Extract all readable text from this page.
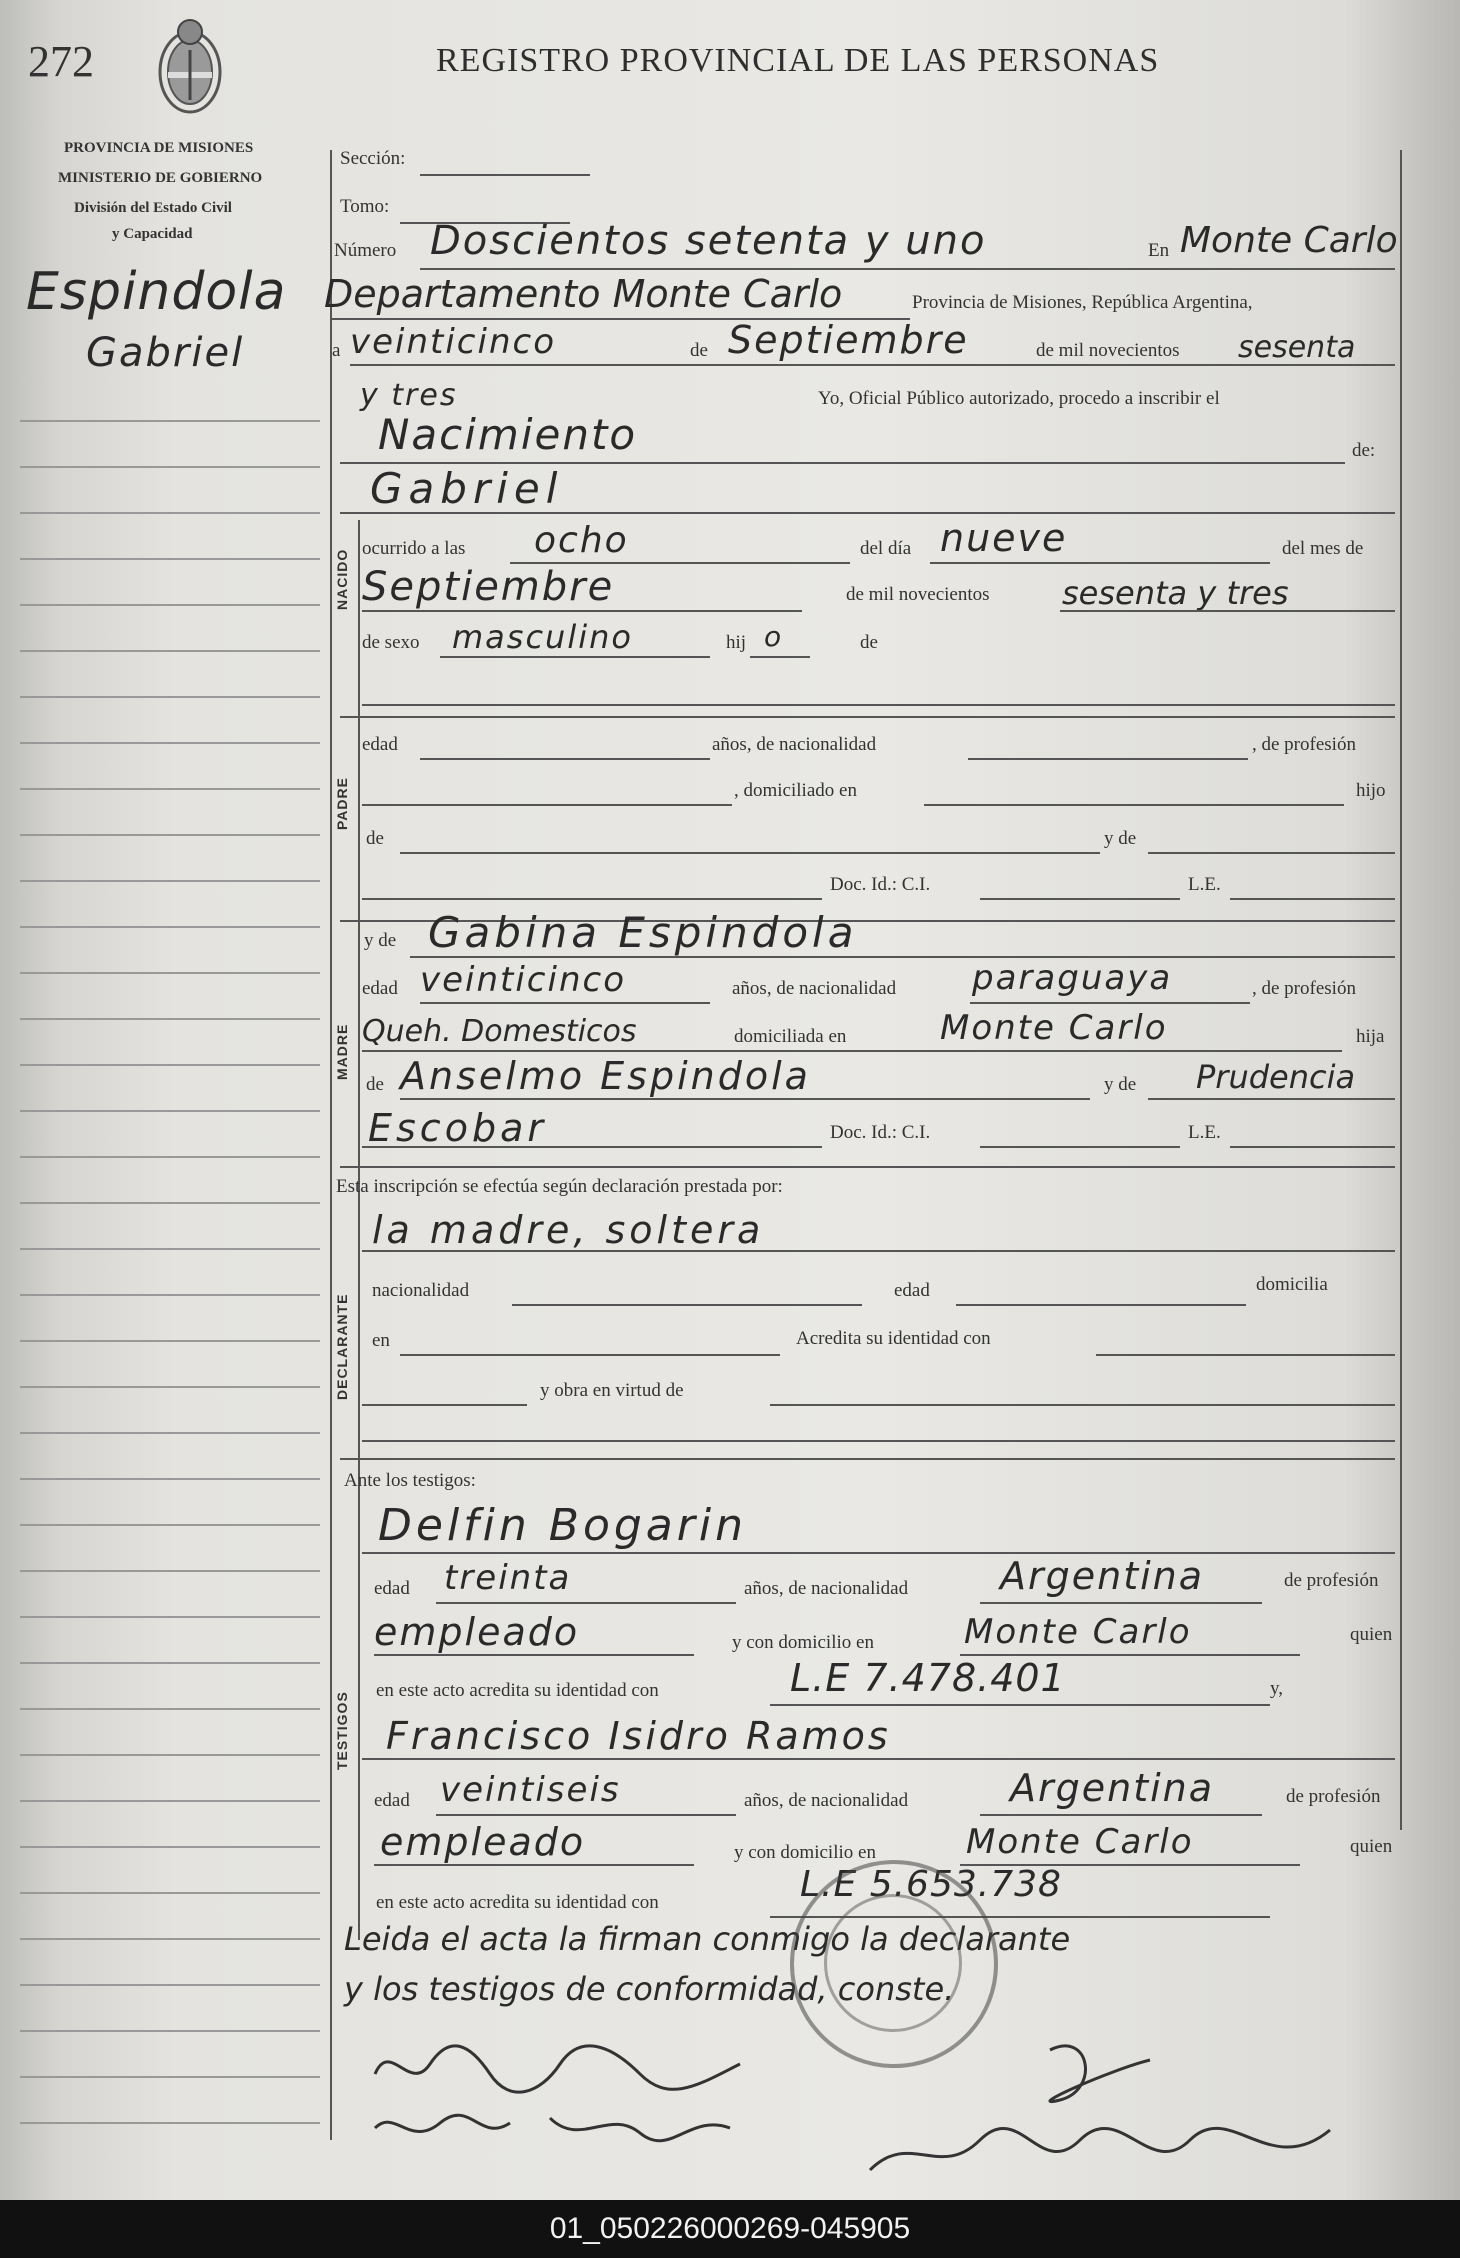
272	REGISTRO PROVINCIAL DE LAS PERSONAS
PROVINCIA DE MISIONES
MINISTERIO DE GOBIERNO
División del Estado Civil
y Capacidad
Espindola
Gabriel
Sección:
Tomo:
Número Doscientos setenta y uno	En Monte Carlo
Departamento Monte Carlo	Provincia de Misiones, República Argentina,
a veinticinco	de Septiembre	de mil novecientos sesenta
y tres	Yo, Oficial Público autorizado, procedo a inscribir el
Nacimiento	de:
Gabriel
NACIDO
ocurrido a las ocho	del día nueve	del mes de
Septiembre	de mil novecientos sesenta y tres
de sexo masculino	hij o	de
PADRE
edad	años, de nacionalidad	, de profesión
, domiciliado en	hijo
de	y de
Doc. Id.: C.I.	L.E.
MADRE
y de Gabina Espindola
edad veinticinco	años, de nacionalidad paraguaya	, de profesión
Queh. Domesticos	domiciliada en	Monte Carlo	hija
de Anselmo Espindola	y de Prudencia
Escobar	Doc. Id.: C.I.	L.E.
Esta inscripción se efectúa según declaración prestada por:
DECLARANTE
la madre, soltera
nacionalidad	edad	domicilia
en	Acredita su identidad con
y obra en virtud de
Ante los testigos:
TESTIGOS
Delfin Bogarin
edad treinta	años, de nacionalidad Argentina	de profesión
empleado	y con domicilio en	Monte Carlo	quien
en este acto acredita su identidad con	L.E 7.478.401	y,
Francisco Isidro Ramos
edad veintiseis	años, de nacionalidad	Argentina	de profesión
empleado	y con domicilio en	Monte Carlo	quien
en este acto acredita su identidad con	L.E 5.653.738
Leida el acta la firman conmigo la declarante
y los testigos de conformidad, conste.
01_050226000269-045905
